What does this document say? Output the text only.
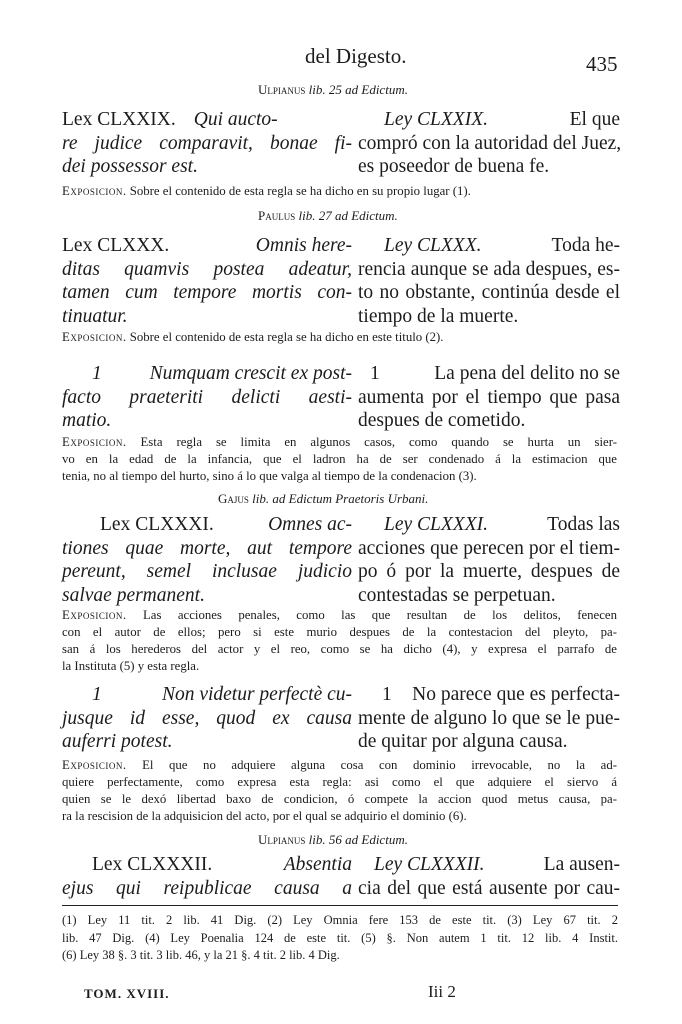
del Digesto.	435
Ulpianus lib. 25 ad Edictum.
Lex CLXXIX. Qui aucto-
re judice comparavit, bonae fi-
dei possessor est.
Ley CLXXIX.	El que
compró con la autoridad del Juez,
es poseedor de buena fe.
Exposicion. Sobre el contenido de esta regla se ha dicho en su propio lugar (1).
Paulus lib. 27 ad Edictum.
Lex CLXXX.	Omnis here-
ditas quamvis postea adeatur,
tamen cum tempore mortis con-
tinuatur.
Ley CLXXX.	Toda he-
rencia aunque se ada despues, es-
to no obstante, continúa desde el
tiempo de la muerte.
Exposicion. Sobre el contenido de esta regla se ha dicho en este titulo (2).
1 Numquam crescit ex post-
facto praeteriti delicti aesti-
matio.
1	La pena del delito no se
aumenta por el tiempo que pasa
despues de cometido.
Exposicion. Esta regla se limita en algunos casos, como quando se hurta un sier-
vo en la edad de la infancia, que el ladron ha de ser condenado á la estimacion que
tenia, no al tiempo del hurto, sino á lo que valga al tiempo de la condenacion (3).
Gajus lib. ad Edictum Praetoris Urbani.
Lex CLXXXI.	Omnes ac-
tiones quae morte, aut tempore
pereunt, semel inclusae judicio
salvae permanent.
Ley CLXXXI.	Todas las
acciones que perecen por el tiem-
po ó por la muerte, despues de
contestadas se perpetuan.
Exposicion. Las acciones penales, como las que resultan de los delitos, fenecen
con el autor de ellos; pero si este murio despues de la contestacion del pleyto, pa-
san á los herederos del actor y el reo, como se ha dicho (4), y expresa el parrafo de
la Instituta (5) y esta regla.
1	Non videtur perfectè cu-
jusque id esse, quod ex causa
auferri potest.
1 No parece que es perfecta-
mente de alguno lo que se le pue-
de quitar por alguna causa.
Exposicion. El que no adquiere alguna cosa con dominio irrevocable, no la ad-
quiere perfectamente, como expresa esta regla: asi como el que adquiere el siervo á
quien se le dexó libertad baxo de condicion, ó compete la accion quod metus causa, pa-
ra la rescision de la adquisicion del acto, por el qual se adquirio el dominio (6).
Ulpianus lib. 56 ad Edictum.
Lex CLXXXII.	Absentia
ejus qui reipublicae causa a
Ley CLXXXII.	La ausen-
cia del que está ausente por cau-
(1) Ley 11 tit. 2 lib. 41 Dig. (2) Ley Omnia fere 153 de este tit. (3) Ley 67 tit. 2
lib. 47 Dig. (4) Ley Poenalia 124 de este tit. (5) §. Non autem 1 tit. 12 lib. 4 Instit.
(6) Ley 38 §. 3 tit. 3 lib. 46, y la 21 §. 4 tit. 2 lib. 4 Dig.
TOM. XVIII.	Iii 2
